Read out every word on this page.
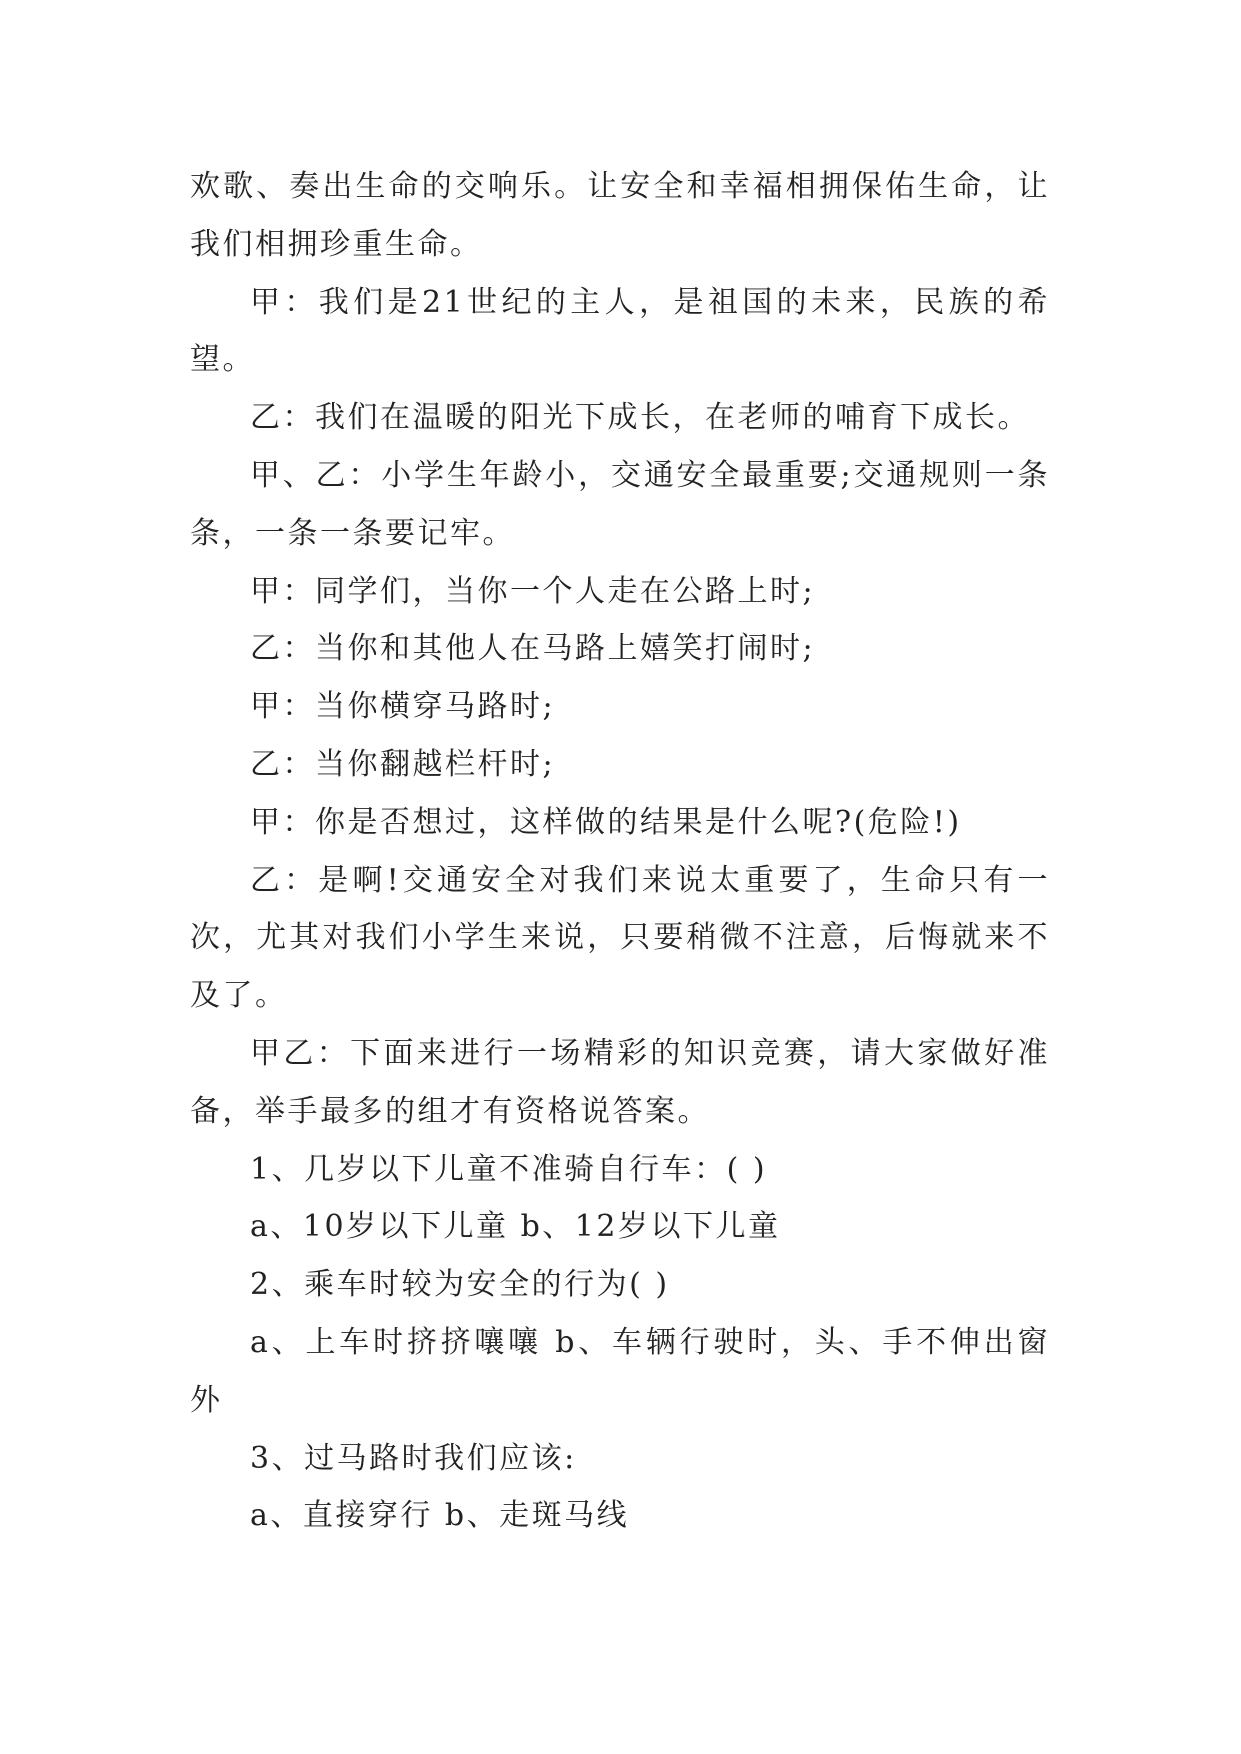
欢歌、奏出生命的交响乐。让安全和幸福相拥保佑生命，让我们相拥珍重生命。

甲：我们是21世纪的主人，是祖国的未来，民族的希望。

乙：我们在温暖的阳光下成长，在老师的哺育下成长。

甲、乙：小学生年龄小，交通安全最重要;交通规则一条条，一条一条要记牢。

甲：同学们，当你一个人走在公路上时;

乙：当你和其他人在马路上嬉笑打闹时;

甲：当你横穿马路时;

乙：当你翻越栏杆时;

甲：你是否想过，这样做的结果是什么呢?(危险!)

乙：是啊!交通安全对我们来说太重要了，生命只有一次，尤其对我们小学生来说，只要稍微不注意，后悔就来不及了。

甲乙：下面来进行一场精彩的知识竞赛，请大家做好准备，举手最多的组才有资格说答案。

1、几岁以下儿童不准骑自行车：( )

a、10岁以下儿童 b、12岁以下儿童

2、乘车时较为安全的行为( )

a、上车时挤挤嚷嚷 b、车辆行驶时，头、手不伸出窗外

3、过马路时我们应该:

a、直接穿行 b、走斑马线
